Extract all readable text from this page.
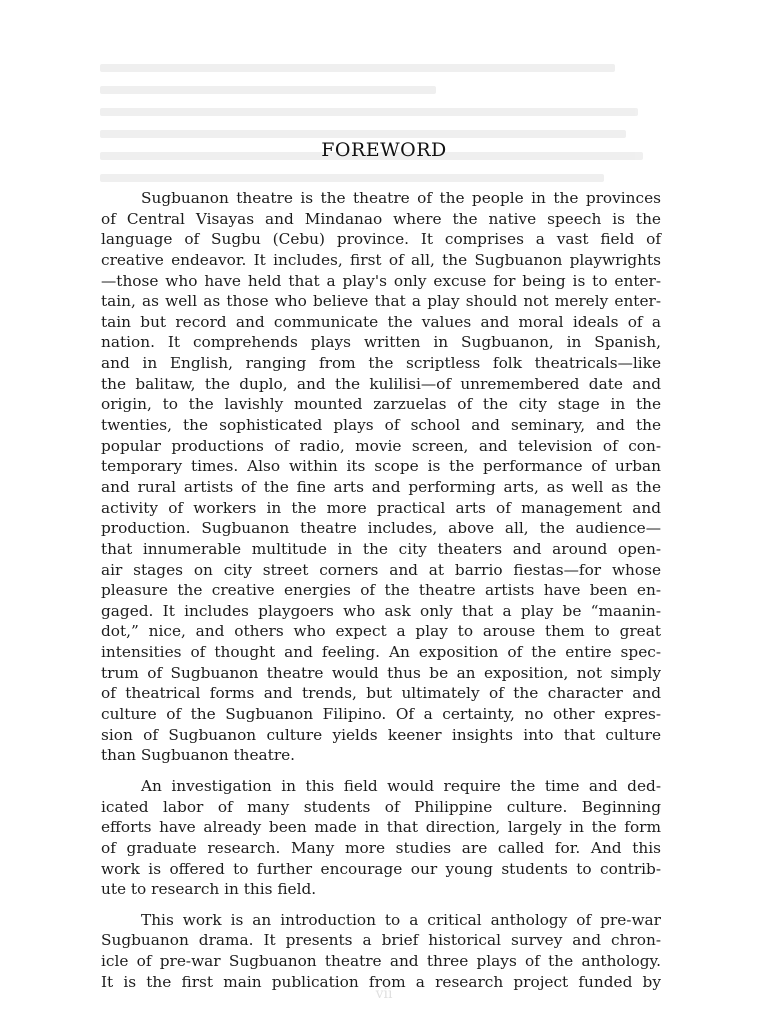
FOREWORD
Sugbuanon theatre is the theatre of the people in the provinces
of Central Visayas and Mindanao where the native speech is the
language of Sugbu (Cebu) province. It comprises a vast field of
creative endeavor. It includes, first of all, the Sugbuanon playwrights
—those who have held that a play's only excuse for being is to enter-
tain, as well as those who believe that a play should not merely enter-
tain but record and communicate the values and moral ideals of a
nation. It comprehends plays written in Sugbuanon, in Spanish,
and in English, ranging from the scriptless folk theatricals—like
the balitaw, the duplo, and the kulilisi—of unremembered date and
origin, to the lavishly mounted zarzuelas of the city stage in the
twenties, the sophisticated plays of school and seminary, and the
popular productions of radio, movie screen, and television of con-
temporary times. Also within its scope is the performance of urban
and rural artists of the fine arts and performing arts, as well as the
activity of workers in the more practical arts of management and
production. Sugbuanon theatre includes, above all, the audience—
that innumerable multitude in the city theaters and around open-
air stages on city street corners and at barrio fiestas—for whose
pleasure the creative energies of the theatre artists have been en-
gaged. It includes playgoers who ask only that a play be “maanin-
dot,” nice, and others who expect a play to arouse them to great
intensities of thought and feeling. An exposition of the entire spec-
trum of Sugbuanon theatre would thus be an exposition, not simply
of theatrical forms and trends, but ultimately of the character and
culture of the Sugbuanon Filipino. Of a certainty, no other expres-
sion of Sugbuanon culture yields keener insights into that culture
than Sugbuanon theatre.
An investigation in this field would require the time and ded-
icated labor of many students of Philippine culture. Beginning
efforts have already been made in that direction, largely in the form
of graduate research. Many more studies are called for. And this
work is offered to further encourage our young students to contrib-
ute to research in this field.
This work is an introduction to a critical anthology of pre-war
Sugbuanon drama. It presents a brief historical survey and chron-
icle of pre-war Sugbuanon theatre and three plays of the anthology.
It is the first main publication from a research project funded by
vii
